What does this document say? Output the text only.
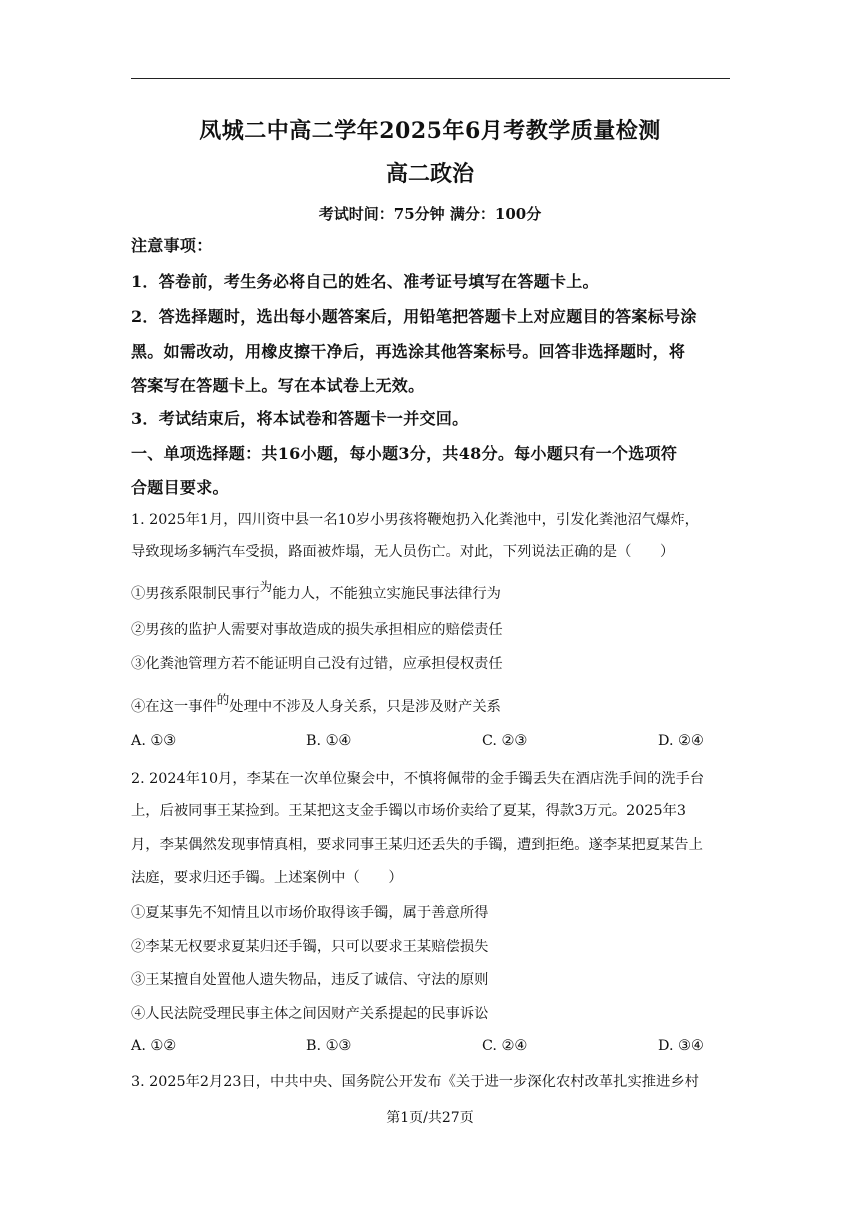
凤城二中高二学年2025年6月考教学质量检测
高二政治
考试时间：75分钟 满分：100分
注意事项：
1．答卷前，考生务必将自己的姓名、准考证号填写在答题卡上。
2．答选择题时，选出每小题答案后，用铅笔把答题卡上对应题目的答案标号涂
黑。如需改动，用橡皮擦干净后，再选涂其他答案标号。回答非选择题时，将
答案写在答题卡上。写在本试卷上无效。
3．考试结束后，将本试卷和答题卡一并交回。
一、单项选择题：共16小题，每小题3分，共48分。每小题只有一个选项符
合题目要求。
1. 2025年1月，四川资中县一名10岁小男孩将鞭炮扔入化粪池中，引发化粪池沼气爆炸，
导致现场多辆汽车受损，路面被炸塌，无人员伤亡。对此，下列说法正确的是（　　）
①男孩系限制民事行为能力人，不能独立实施民事法律行为
②男孩的监护人需要对事故造成的损失承担相应的赔偿责任
③化粪池管理方若不能证明自己没有过错，应承担侵权责任
④在这一事件的处理中不涉及人身关系，只是涉及财产关系
A. ①③	B. ①④	C. ②③	D. ②④
2. 2024年10月，李某在一次单位聚会中，不慎将佩带的金手镯丢失在酒店洗手间的洗手台
上，后被同事王某捡到。王某把这支金手镯以市场价卖给了夏某，得款3万元。2025年3
月，李某偶然发现事情真相，要求同事王某归还丢失的手镯，遭到拒绝。遂李某把夏某告上
法庭，要求归还手镯。上述案例中（　　）
①夏某事先不知情且以市场价取得该手镯，属于善意所得
②李某无权要求夏某归还手镯，只可以要求王某赔偿损失
③王某擅自处置他人遗失物品，违反了诚信、守法的原则
④人民法院受理民事主体之间因财产关系提起的民事诉讼
A. ①②	B. ①③	C. ②④	D. ③④
3. 2025年2月23日，中共中央、国务院公开发布《关于进一步深化农村改革扎实推进乡村
第1页/共27页
